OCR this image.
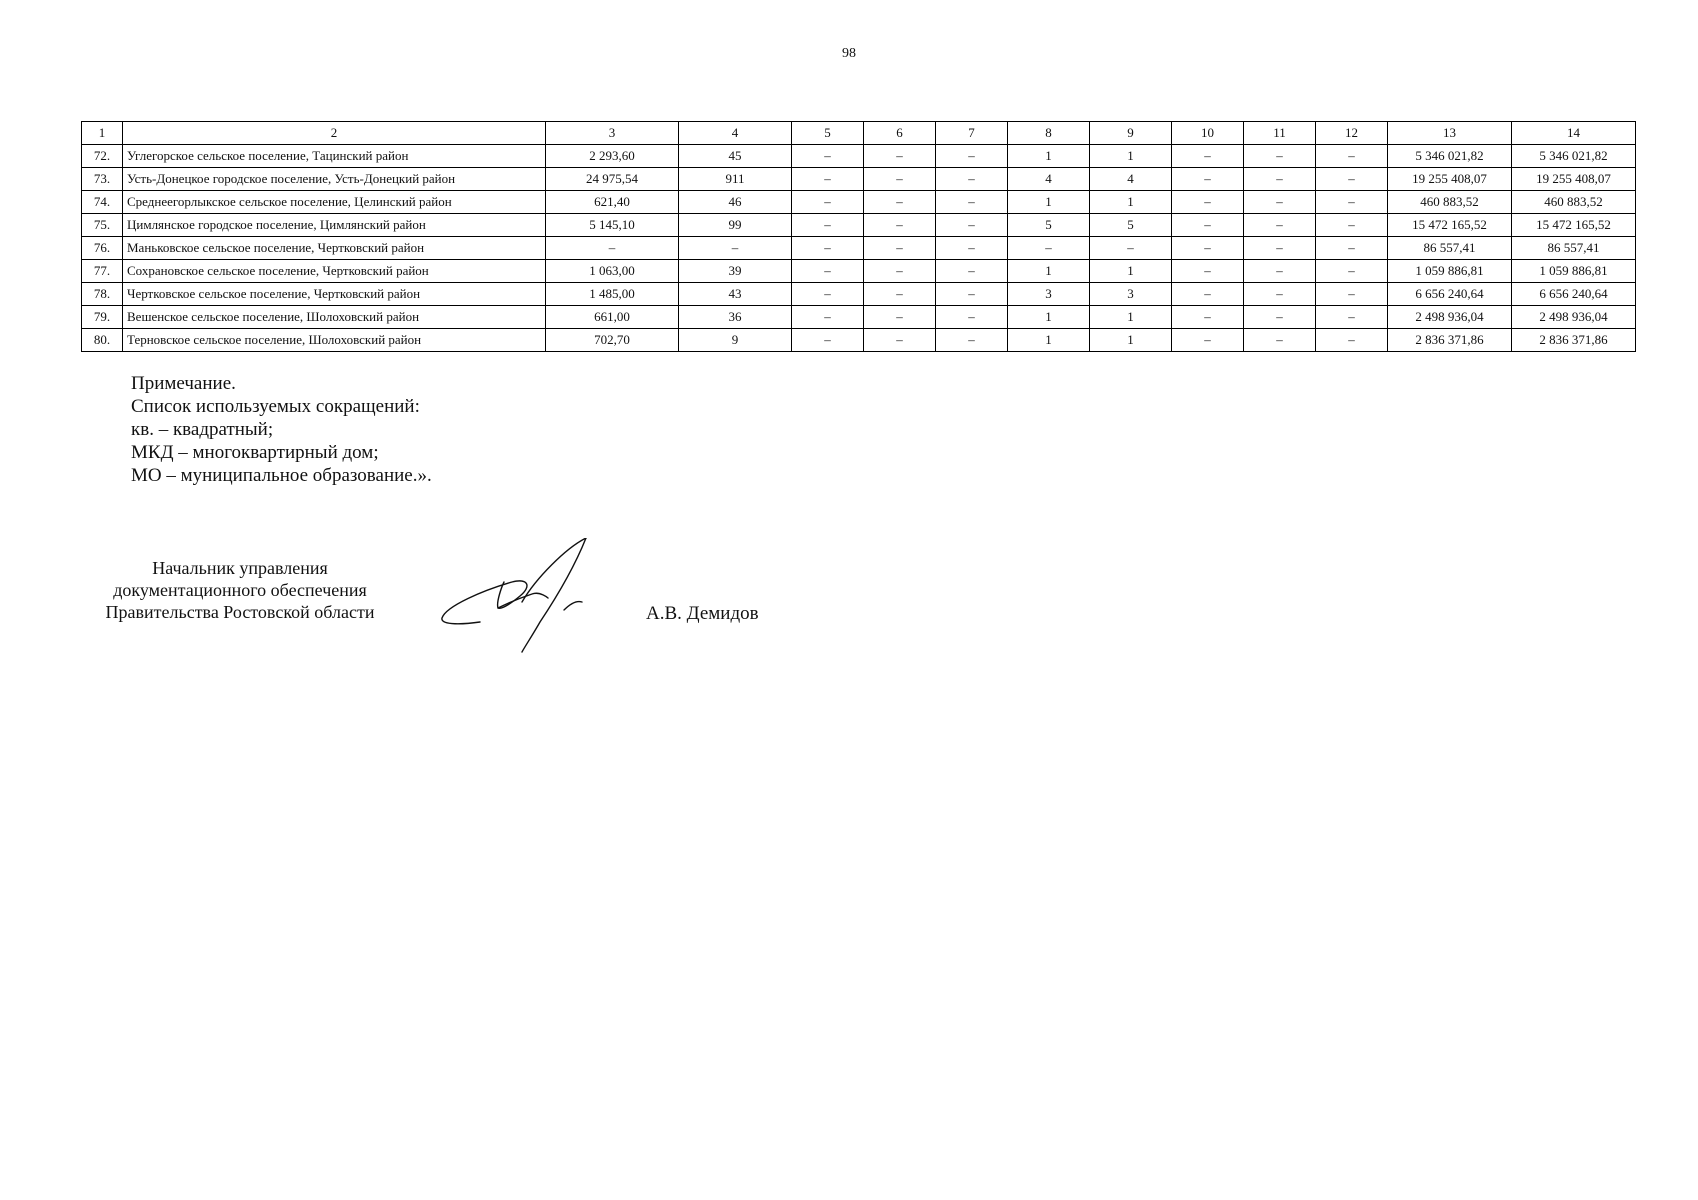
98
1	2	3	4	5	6	7	8	9	10	11	12	13	14
72.	Углегорское сельское поселение, Тацинский район	2 293,60	45	–	–	–	1	1	–	–	–	5 346 021,82	5 346 021,82
73.	Усть-Донецкое городское поселение, Усть-Донецкий район	24 975,54	911	–	–	–	4	4	–	–	–	19 255 408,07	19 255 408,07
74.	Среднеегорлыкское сельское поселение, Целинский район	621,40	46	–	–	–	1	1	–	–	–	460 883,52	460 883,52
75.	Цимлянское городское поселение, Цимлянский район	5 145,10	99	–	–	–	5	5	–	–	–	15 472 165,52	15 472 165,52
76.	Маньковское сельское поселение, Чертковский район	–	–	–	–	–	–	–	–	–	–	86 557,41	86 557,41
77.	Сохрановское сельское поселение, Чертковский район	1 063,00	39	–	–	–	1	1	–	–	–	1 059 886,81	1 059 886,81
78.	Чертковское сельское поселение, Чертковский район	1 485,00	43	–	–	–	3	3	–	–	–	6 656 240,64	6 656 240,64
79.	Вешенское сельское поселение, Шолоховский район	661,00	36	–	–	–	1	1	–	–	–	2 498 936,04	2 498 936,04
80.	Терновское сельское поселение, Шолоховский район	702,70	9	–	–	–	1	1	–	–	–	2 836 371,86	2 836 371,86
Примечание.
Список используемых сокращений:
кв. – квадратный;
МКД – многоквартирный дом;
МО – муниципальное образование.».
Начальник управления
документационного обеспечения
Правительства Ростовской области	А.В. Демидов
